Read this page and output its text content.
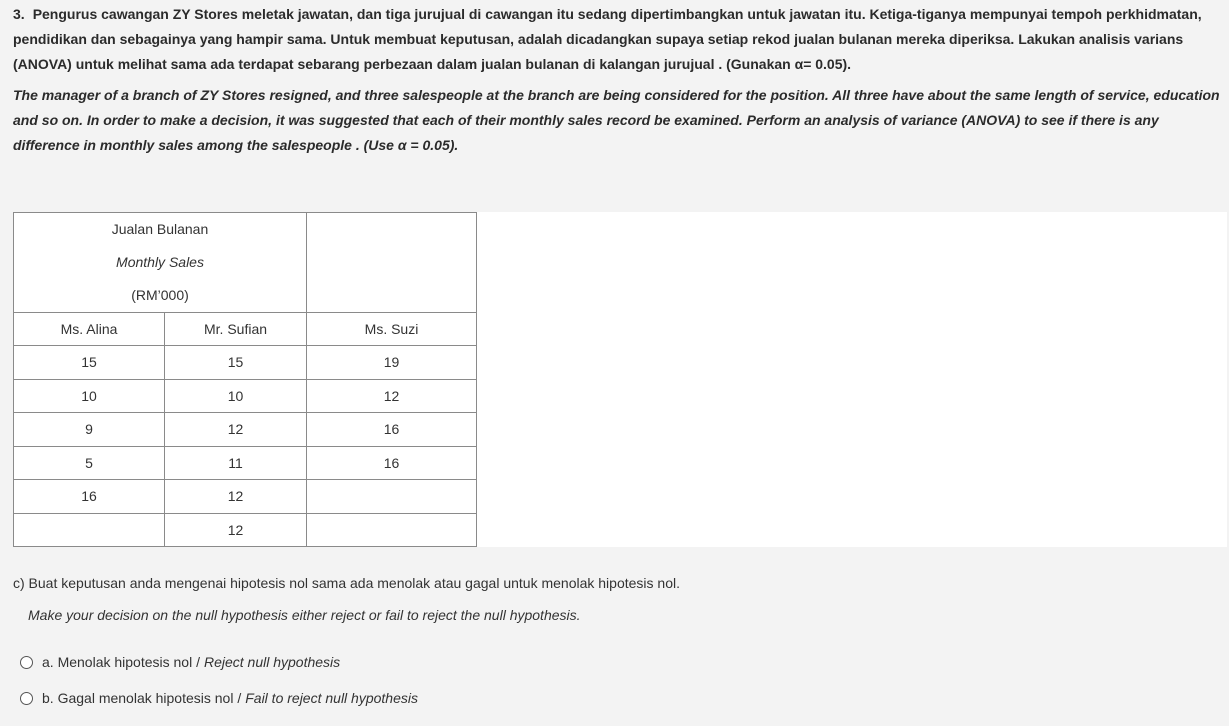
3. Pengurus cawangan ZY Stores meletak jawatan, dan tiga jurujual di cawangan itu sedang dipertimbangkan untuk jawatan itu. Ketiga-tiganya mempunyai tempoh perkhidmatan, pendidikan dan sebagainya yang hampir sama. Untuk membuat keputusan, adalah dicadangkan supaya setiap rekod jualan bulanan mereka diperiksa. Lakukan analisis varians (ANOVA) untuk melihat sama ada terdapat sebarang perbezaan dalam jualan bulanan di kalangan jurujual . (Gunakan α= 0.05).

The manager of a branch of ZY Stores resigned, and three salespeople at the branch are being considered for the position. All three have about the same length of service, education and so on. In order to make a decision, it was suggested that each of their monthly sales record be examined. Perform an analysis of variance (ANOVA) to see if there is any difference in monthly sales among the salespeople . (Use α = 0.05).

Jualan Bulanan
Monthly Sales
(RM’000)		

Ms. Alina	Mr. Sufian	Ms. Suzi
15	15	19
10	10	12
9	12	16
5	11	16
16	12	
	12	
c) Buat keputusan anda mengenai hipotesis nol sama ada menolak atau gagal untuk menolak hipotesis nol.
Make your decision on the null hypothesis either reject or fail to reject the null hypothesis.
a. Menolak hipotesis nol / Reject null hypothesis
b. Gagal menolak hipotesis nol / Fail to reject null hypothesis
